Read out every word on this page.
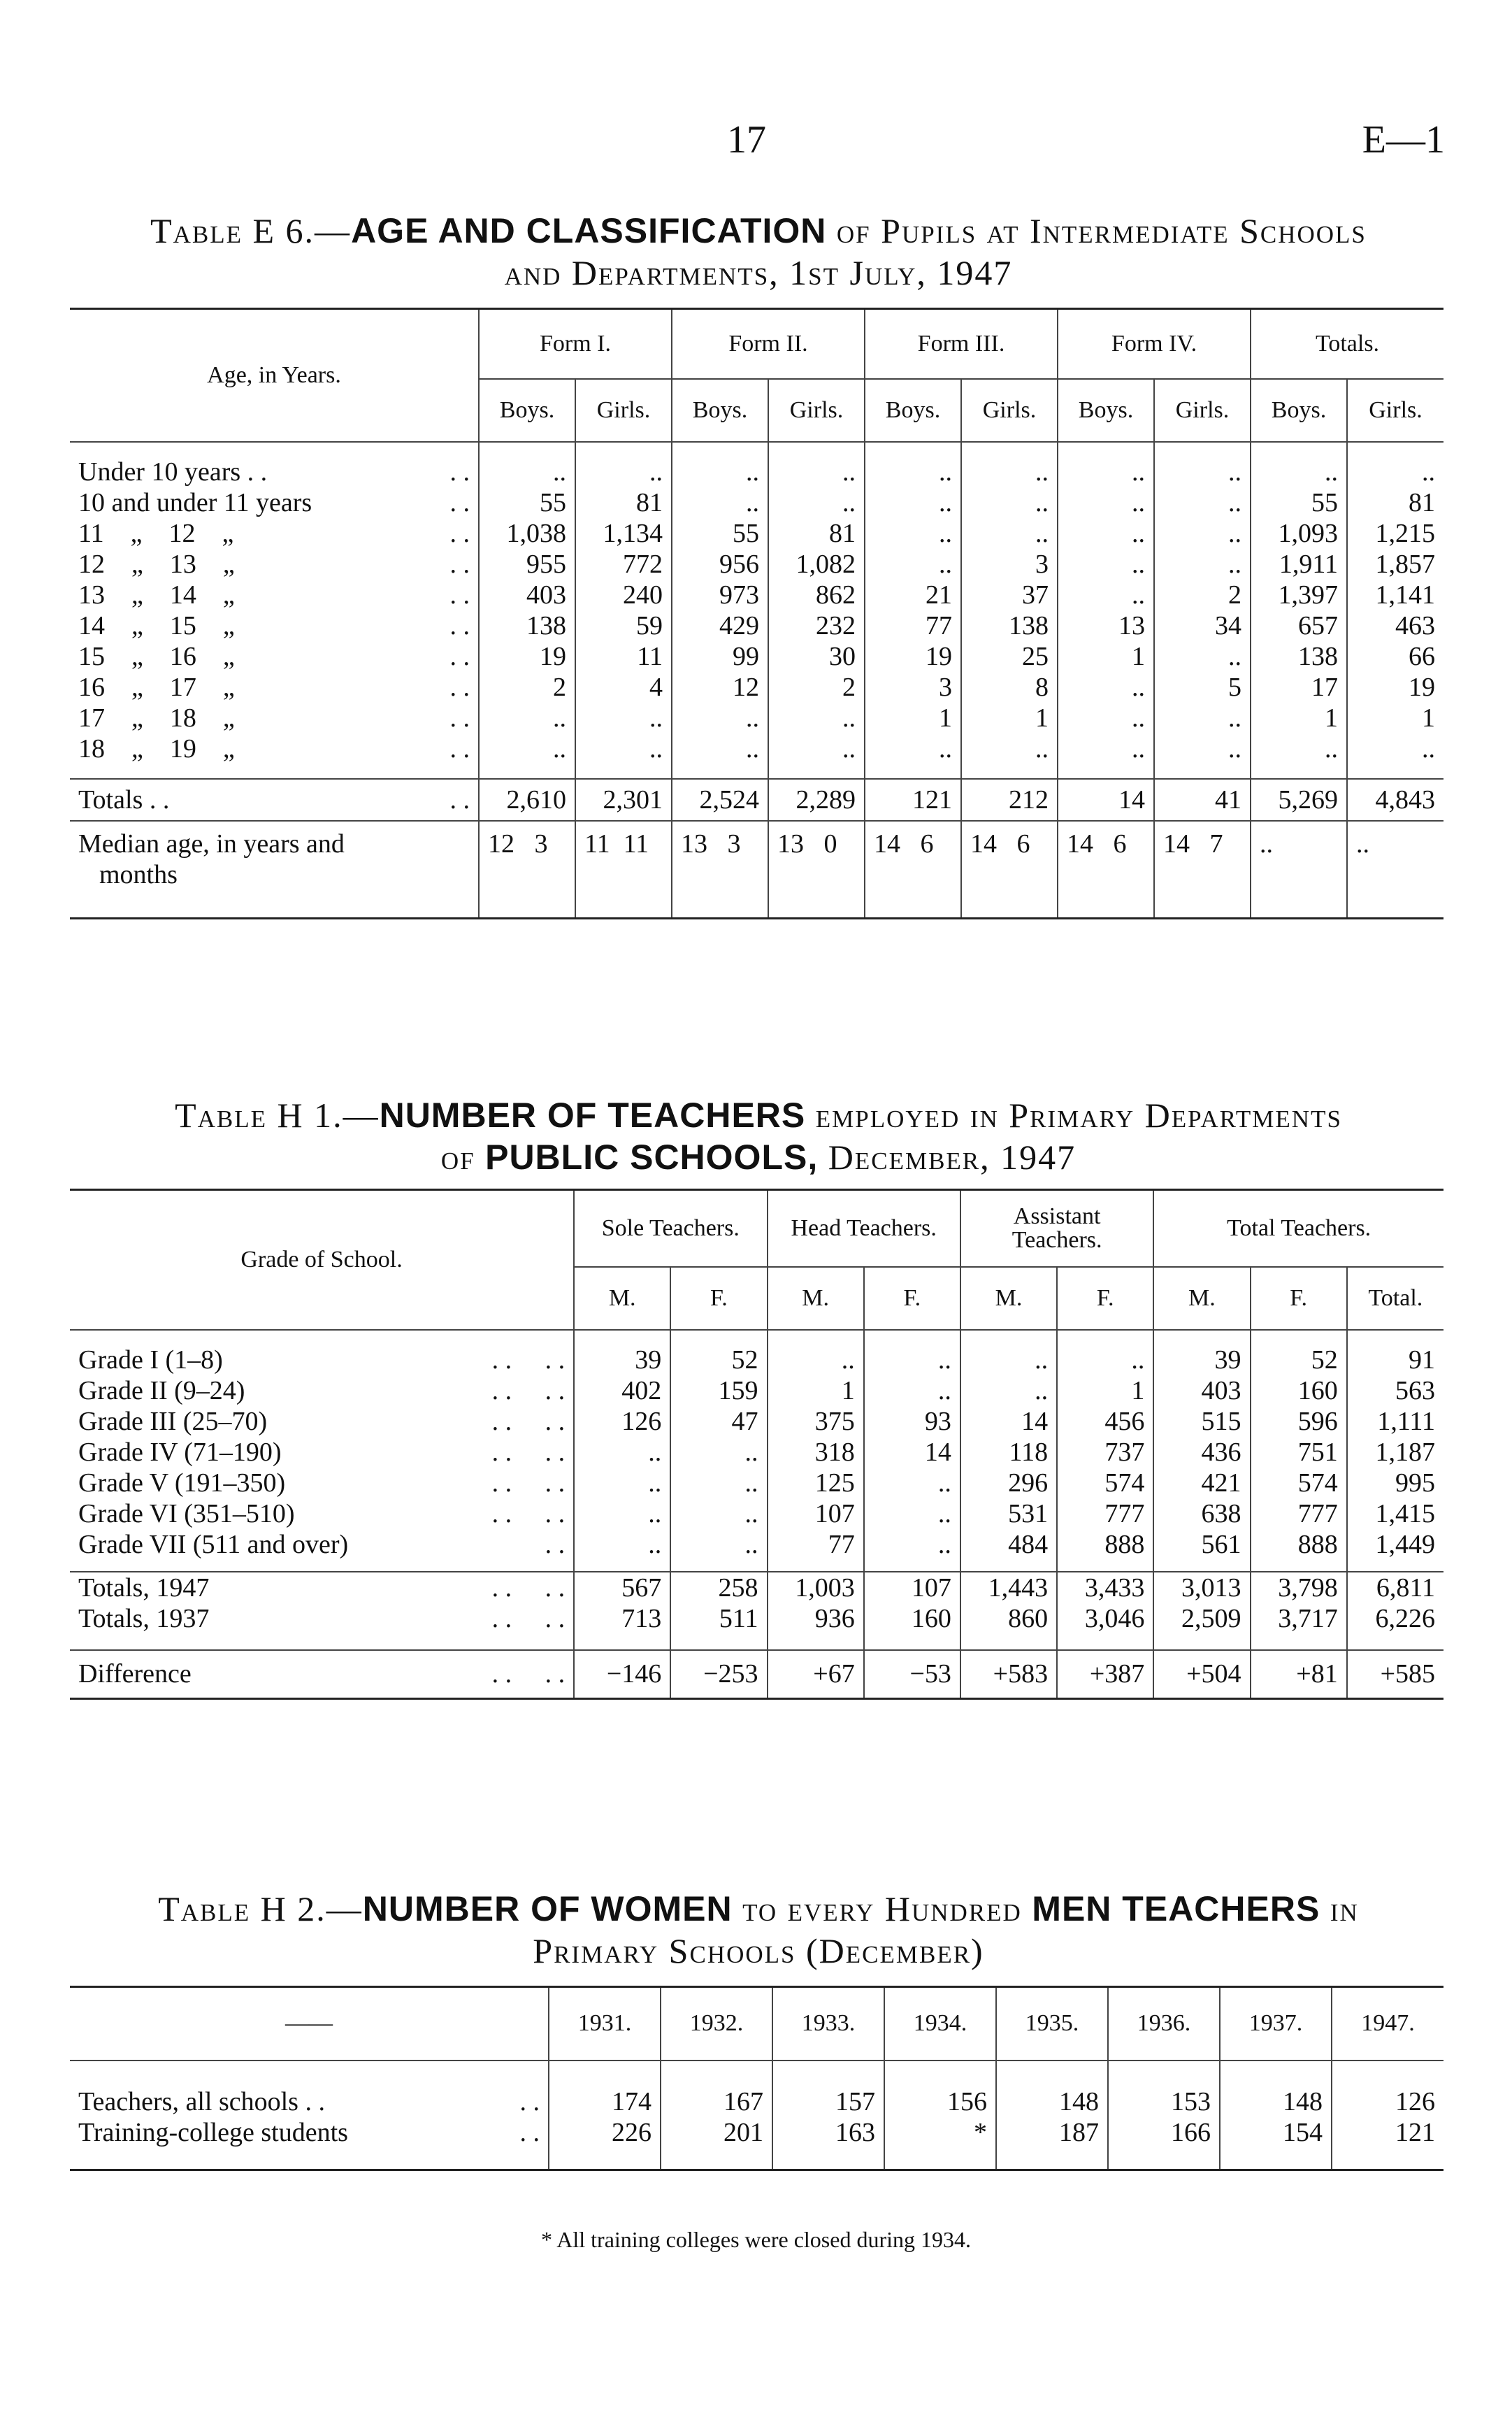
17	E—1
Table E 6.—AGE AND CLASSIFICATION of Pupils at Intermediate Schools
and Departments, 1st July, 1947
Age, in Years.	Form I.		Form II.		Form III.		Form IV.		Totals.	
	Boys.	Girls.	Boys.	Girls.	Boys.	Girls.	Boys.	Girls.	Boys.	Girls.

Under 10 years . . . .	..	..	..	..	..	..	..	..	..	..
10 and under 11 years . .	55	81	..	..	..	..	..	..	55	81
11    „    12    „ . .	1,038	1,134	55	81	..	..	..	..	1,093	1,215
12    „    13    „ . .	955	772	956	1,082	..	3	..	..	1,911	1,857
13    „    14    „ . .	403	240	973	862	21	37	..	2	1,397	1,141
14    „    15    „ . .	138	59	429	232	77	138	13	34	657	463
15    „    16    „ . .	19	11	99	30	19	25	1	..	138	66
16    „    17    „ . .	2	4	12	2	3	8	..	5	17	19
17    „    18    „ . .	..	..	..	..	1	1	..	..	1	1
18    „    19    „ . .	..	..	..	..	..	..	..	..	..	..

Totals . . . .	2,610	2,301	2,524	2,289	121	212	14	41	5,269	4,843

Median age, in years and
months	12   3	11  11	13   3	13   0	14   6	14   6	14   6	14   7	..	..
Table H 1.—NUMBER OF TEACHERS employed in Primary Departments
of PUBLIC SCHOOLS, December, 1947
Grade of School.	Sole Teachers.		Head Teachers.		Assistant Teachers.		Total Teachers.		
	M.	F.	M.	F.	M.	F.	M.	F.	Total.

Grade I (1–8) . .     . .	39	52	..	..	..	..	39	52	91
Grade II (9–24) . .     . .	402	159	1	..	..	1	403	160	563
Grade III (25–70) . .     . .	126	47	375	93	14	456	515	596	1,111
Grade IV (71–190) . .     . .	..	..	318	14	118	737	436	751	1,187
Grade V (191–350) . .     . .	..	..	125	..	296	574	421	574	995
Grade VI (351–510) . .     . .	..	..	107	..	531	777	638	777	1,415
Grade VII (511 and over) . .	..	..	77	..	484	888	561	888	1,449

Totals, 1947 . .     . .	567	258	1,003	107	1,443	3,433	3,013	3,798	6,811
Totals, 1937 . .     . .	713	511	936	160	860	3,046	2,509	3,717	6,226

Difference . .     . .	−146	−253	+67	−53	+583	+387	+504	+81	+585
Table H 2.—NUMBER OF WOMEN to every Hundred MEN TEACHERS in
Primary Schools (December)
——	1931.	1932.	1933.	1934.	1935.	1936.	1937.	1947.

Teachers, all schools . . . .	174	167	157	156	148	153	148	126
Training-college students . .	226	201	163	*	187	166	154	121

* All training colleges were closed during 1934.
